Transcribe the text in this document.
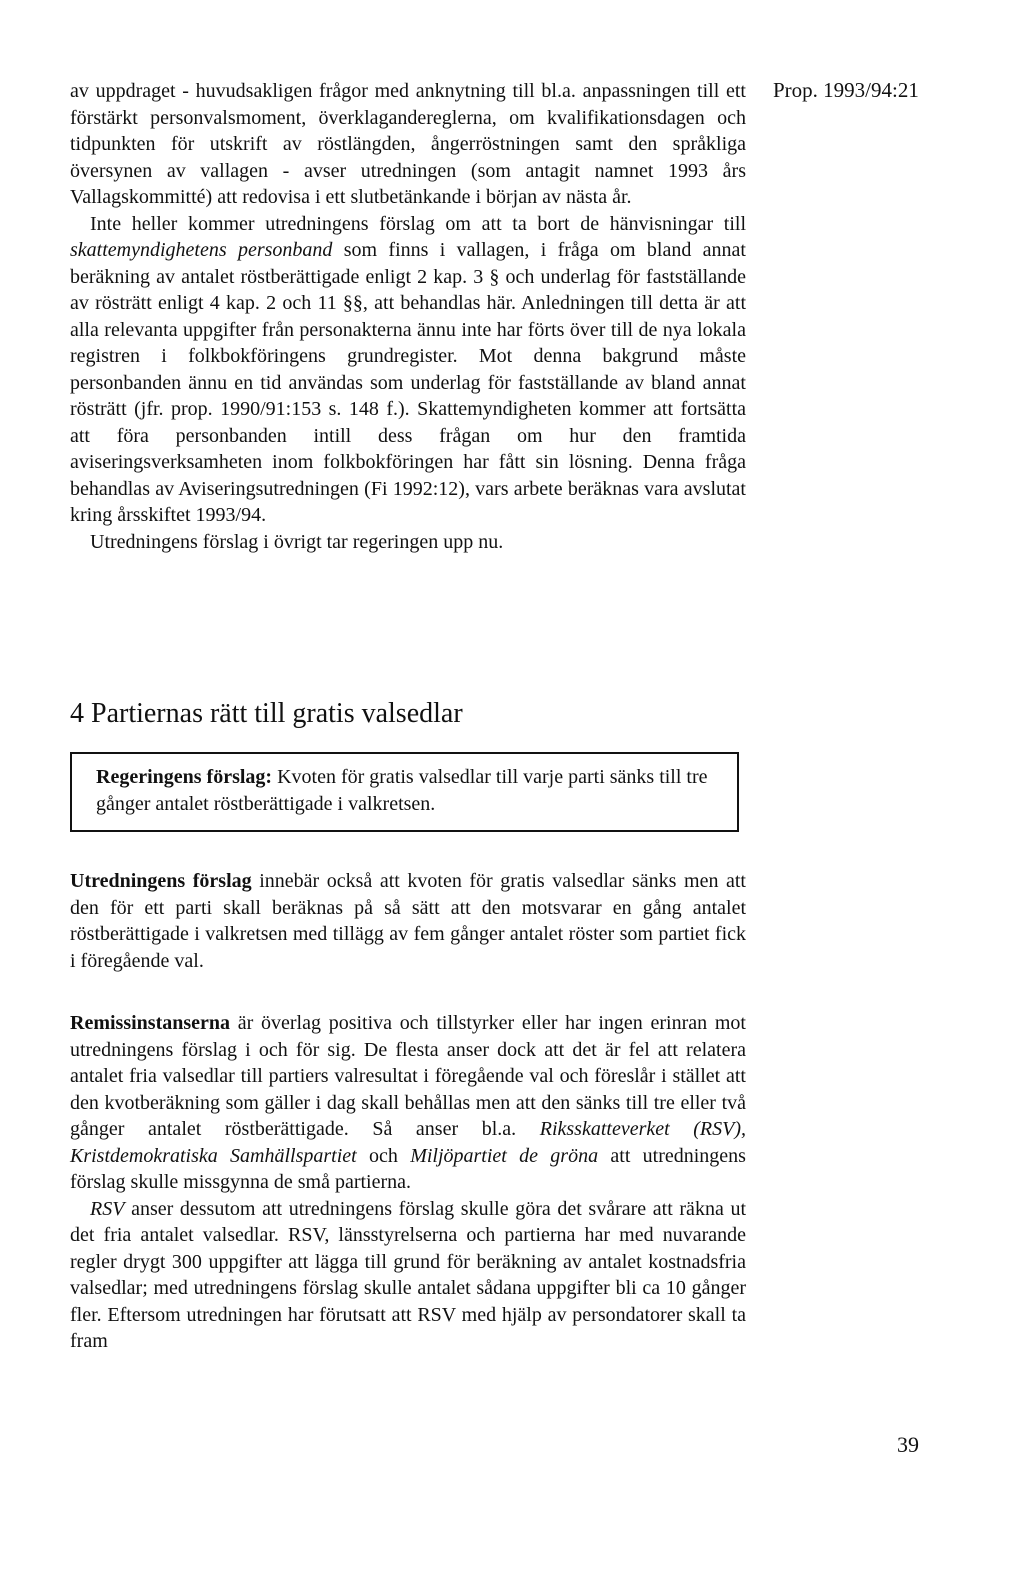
Prop. 1993/94:21

av uppdraget - huvudsakligen frågor med anknytning till bl.a. anpassningen till ett förstärkt personvalsmoment, överklagandereglerna, om kvalifikationsdagen och tidpunkten för utskrift av röstlängden, ångerröstningen samt den språkliga översynen av vallagen - avser utredningen (som antagit namnet 1993 års Vallagskommitté) att redovisa i ett slutbetänkande i början av nästa år.

Inte heller kommer utredningens förslag om att ta bort de hänvisningar till skattemyndighetens personband som finns i vallagen, i fråga om bland annat beräkning av antalet röstberättigade enligt 2 kap. 3 § och underlag för fastställande av rösträtt enligt 4 kap. 2 och 11 §§, att behandlas här. Anledningen till detta är att alla relevanta uppgifter från personakterna ännu inte har förts över till de nya lokala registren i folkbokföringens grundregister. Mot denna bakgrund måste personbanden ännu en tid användas som underlag för fastställande av bland annat rösträtt (jfr. prop. 1990/91:153 s. 148 f.). Skattemyndigheten kommer att fortsätta att föra personbanden intill dess frågan om hur den framtida aviseringsverksamheten inom folkbokföringen har fått sin lösning. Denna fråga behandlas av Aviseringsutredningen (Fi 1992:12), vars arbete beräknas vara avslutat kring årsskiftet 1993/94.

Utredningens förslag i övrigt tar regeringen upp nu.

4 Partiernas rätt till gratis valsedlar
Regeringens förslag: Kvoten för gratis valsedlar till varje parti sänks till tre gånger antalet röstberättigade i valkretsen.

Utredningens förslag innebär också att kvoten för gratis valsedlar sänks men att den för ett parti skall beräknas på så sätt att den motsvarar en gång antalet röstberättigade i valkretsen med tillägg av fem gånger antalet röster som partiet fick i föregående val.

Remissinstanserna är överlag positiva och tillstyrker eller har ingen erinran mot utredningens förslag i och för sig. De flesta anser dock att det är fel att relatera antalet fria valsedlar till partiers valresultat i föregående val och föreslår i stället att den kvotberäkning som gäller i dag skall behållas men att den sänks till tre eller två gånger antalet röstberättigade. Så anser bl.a. Riksskatteverket (RSV), Kristdemokratiska Samhällspartiet och Miljöpartiet de gröna att utredningens förslag skulle missgynna de små partierna.

RSV anser dessutom att utredningens förslag skulle göra det svårare att räkna ut det fria antalet valsedlar. RSV, länsstyrelserna och partierna har med nuvarande regler drygt 300 uppgifter att lägga till grund för beräkning av antalet kostnadsfria valsedlar; med utredningens förslag skulle antalet sådana uppgifter bli ca 10 gånger fler. Eftersom utredningen har förutsatt att RSV med hjälp av persondatorer skall ta fram

39
